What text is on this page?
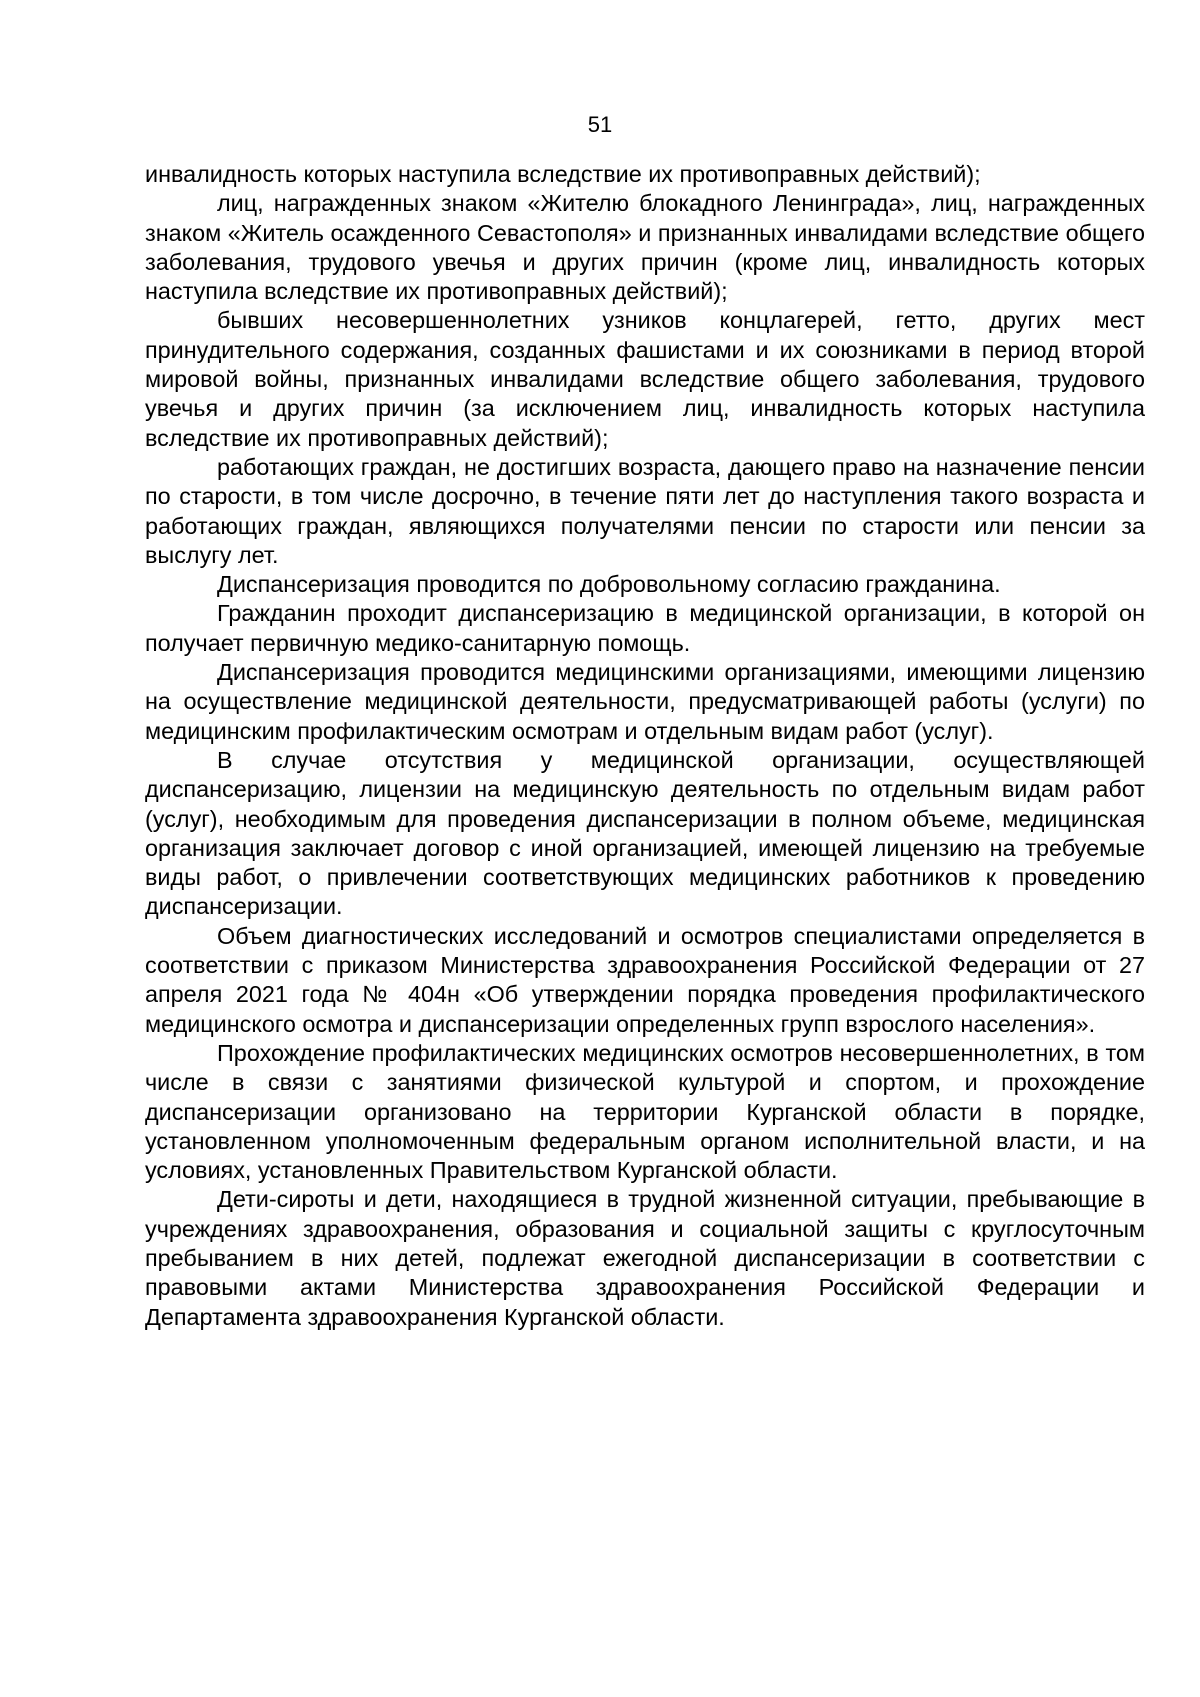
51

инвалидность которых наступила вследствие их противоправных действий);

лиц, награжденных знаком «Жителю блокадного Ленинграда», лиц, награжденных знаком «Житель осажденного Севастополя» и признанных инвалидами вследствие общего заболевания, трудового увечья и других причин (кроме лиц, инвалидность которых наступила вследствие их противоправных действий);

бывших несовершеннолетних узников концлагерей, гетто, других мест принудительного содержания, созданных фашистами и их союзниками в период второй мировой войны, признанных инвалидами вследствие общего заболевания, трудового увечья и других причин (за исключением лиц, инвалидность которых наступила вследствие их противоправных действий);

работающих граждан, не достигших возраста, дающего право на назначение пенсии по старости, в том числе досрочно, в течение пяти лет до наступления такого возраста и работающих граждан, являющихся получателями пенсии по старости или пенсии за выслугу лет.

Диспансеризация проводится по добровольному согласию гражданина.

Гражданин проходит диспансеризацию в медицинской организации, в которой он получает первичную медико-санитарную помощь.

Диспансеризация проводится медицинскими организациями, имеющими лицензию на осуществление медицинской деятельности, предусматривающей работы (услуги) по медицинским профилактическим осмотрам и отдельным видам работ (услуг).

В случае отсутствия у медицинской организации, осуществляющей диспансеризацию, лицензии на медицинскую деятельность по отдельным видам работ (услуг), необходимым для проведения диспансеризации в полном объеме, медицинская организация заключает договор с иной организацией, имеющей лицензию на требуемые виды работ, о привлечении соответствующих медицинских работников к проведению диспансеризации.

Объем диагностических исследований и осмотров специалистами определяется в соответствии с приказом Министерства здравоохранения Российской Федерации от 27 апреля 2021 года № 404н «Об утверждении порядка проведения профилактического медицинского осмотра и диспансеризации определенных групп взрослого населения».

Прохождение профилактических медицинских осмотров несовершеннолетних, в том числе в связи с занятиями физической культурой и спортом, и прохождение диспансеризации организовано на территории Курганской области в порядке, установленном уполномоченным федеральным органом исполнительной власти, и на условиях, установленных Правительством Курганской области.

Дети-сироты и дети, находящиеся в трудной жизненной ситуации, пребывающие в учреждениях здравоохранения, образования и социальной защиты с круглосуточным пребыванием в них детей, подлежат ежегодной диспансеризации в соответствии с правовыми актами Министерства здравоохранения Российской Федерации и Департамента здравоохранения Курганской области.
